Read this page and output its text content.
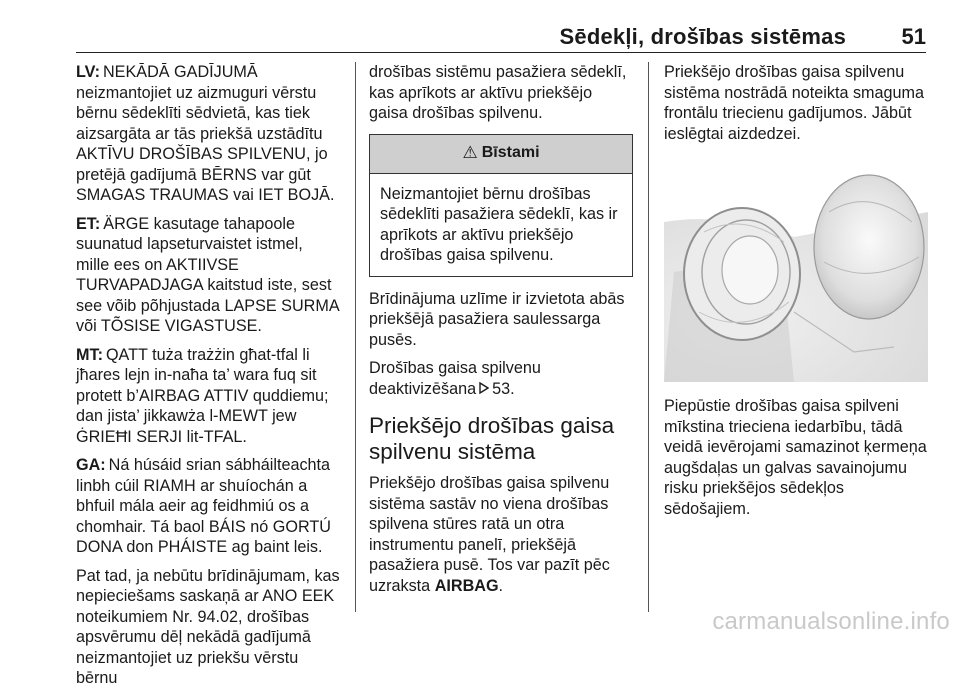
Sēdekļi, drošības sistēmas	51

LV: NEKĀDĀ GADĪJUMĀ neizmantojiet uz aizmuguri vērstu bērnu sēdeklīti sēdvietā, kas tiek aizsargāta ar tās priekšā uzstādītu AKTĪVU DROŠĪBAS SPILVENU, jo pretējā gadījumā BĒRNS var gūt SMAGAS TRAUMAS vai IET BOJĀ.

ET: ÄRGE kasutage tahapoole suunatud lapseturvaistet istmel, mille ees on AKTIIVSE TURVAPADJAGA kaitstud iste, sest see võib põhjustada LAPSE SURMA või TÕSISE VIGASTUSE.

MT: QATT tuża trażżin għat-tfal li jħares lejn in-naħa ta’ wara fuq sit protett b’AIRBAG ATTIV quddiemu; dan jista’ jikkawża l-MEWT jew ĠRIEĦI SERJI lit-TFAL.

GA: Ná húsáid srian sábháilteachta linbh cúil RIAMH ar shuíochán a bhfuil mála aeir ag feidhmiú os a chomhair. Tá baol BÁIS nó GORTÚ DONA don PHÁISTE ag baint leis.

Pat tad, ja nebūtu brīdinājumam, kas nepieciešams saskaņā ar ANO EEK noteikumiem Nr. 94.02, drošības apsvērumu dēļ nekādā gadījumā neizmantojiet uz priekšu vērstu bērnu

drošības sistēmu pasažiera sēdeklī, kas aprīkots ar aktīvu priekšējo gaisa drošības spilvenu.

⚠ Bīstami
Neizmantojiet bērnu drošības sēdeklīti pasažiera sēdeklī, kas ir aprīkots ar aktīvu priekšējo drošības gaisa spilvenu.

Brīdinājuma uzlīme ir izvietota abās priekšējā pasažiera saulessarga pusēs.

Drošības gaisa spilvenu deaktivizēšana 53.

Priekšējo drošības gaisa spilvenu sistēma

Priekšējo drošības gaisa spilvenu sistēma sastāv no viena drošības spilvena stūres ratā un otra instrumentu panelī, priekšējā pasažiera pusē. Tos var pazīt pēc uzraksta AIRBAG.

Priekšējo drošības gaisa spilvenu sistēma nostrādā noteikta smaguma frontālu triecienu gadījumos. Jābūt ieslēgtai aizdedzei.

Piepūstie drošības gaisa spilveni mīkstina trieciena iedarbību, tādā veidā ievērojami samazinot ķermeņa augšdaļas un galvas savainojumu risku priekšējos sēdekļos sēdošajiem.

carmanualsonline.info
